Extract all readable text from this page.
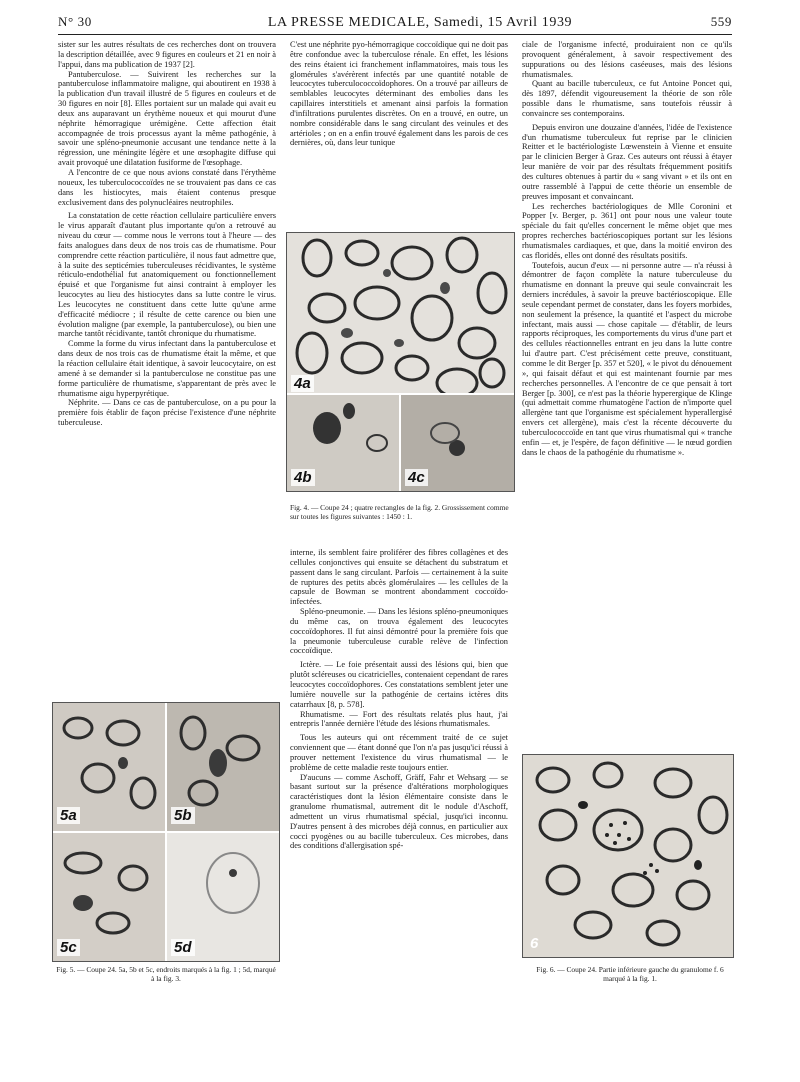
N° 30	LA PRESSE MEDICALE, Samedi, 15 Avril 1939	559

sister sur les autres résultats de ces recherches dont on trouvera la description détaillée, avec 9 figures en couleurs et 21 en noir à l'appui, dans ma publication de 1937 [2].

Pantuberculose. — Suivirent les recherches sur la pantuberculose inflammatoire maligne, qui aboutirent en 1938 à la publication d'un travail illustré de 5 figures en couleurs et de 30 figures en noir [8]. Elles portaient sur un malade qui avait eu deux ans auparavant un érythème noueux et qui mourut d'une néphrite hémorragique urémigène. Cette affection était accompagnée de trois processus ayant la même pathogénie, à savoir une spléno-pneumonie accusant une tendance nette à la régression, une méningite légère et une œsophagite diffuse qui avait provoqué une dilatation fusiforme de l'œsophage.

A l'encontre de ce que nous avions constaté dans l'érythème noueux, les tuberculococcoïdes ne se trouvaient pas dans ce cas dans les histiocytes, mais étaient contenus presque exclusivement dans des polynucléaires neutrophiles.

La constatation de cette réaction cellulaire particulière envers le virus apparaît d'autant plus importante qu'on a retrouvé au niveau du cœur — comme nous le verrons tout à l'heure — des faits analogues dans deux de nos trois cas de rhumatisme. Pour comprendre cette réaction particulière, il nous faut admettre que, à la suite des septicémies tuberculeuses récidivantes, le système réticulo-endothélial fut anatomiquement ou fonctionnellement épuisé et que l'organisme fut ainsi contraint à employer les leucocytes au lieu des histiocytes dans sa lutte contre le virus. Les leucocytes ne constituent dans cette lutte qu'une arme d'efficacité médiocre ; il résulte de cette carence ou bien une évolution maligne (par exemple, la pantuberculose), ou bien une marche tantôt récidivante, tantôt chronique du rhumatisme.

Comme la forme du virus infectant dans la pantuberculose et dans deux de nos trois cas de rhumatisme était la même, et que la réaction cellulaire était identique, à savoir leucocytaire, on est amené à se demander si la pantuberculose ne constitue pas une forme particulière de rhumatisme, s'apparentant de près avec le rhumatisme aigu hyperpyrétique.

Néphrite. — Dans ce cas de pantuberculose, on a pu pour la première fois établir de façon précise l'existence d'une néphrite tuberculeuse.

C'est une néphrite pyo-hémorragique coccoïdique qui ne doit pas être confondue avec la tuberculose rénale. En effet, les lésions des reins étaient ici franchement inflammatoires, mais tous les glomérules s'avérèrent infectés par une quantité notable de leucocytes tuberculococcoïdophores. On a trouvé par ailleurs de semblables leucocytes déterminant des embolies dans les capillaires interstitiels et amenant ainsi parfois la formation d'infiltrations purulentes discrètes. On en a trouvé, en outre, un nombre considérable dans le sang circulant des veinules et des artérioles ; on en a enfin trouvé également dans les parois de ces dernières, où, dans leur tunique

4a
4b	4c
Fig. 4. — Coupe 24 ; quatre rectangles de la fig. 2. Grossissement comme sur toutes les figures suivantes : 1450 : 1.

interne, ils semblent faire proliférer des fibres collagènes et des cellules conjonctives qui ensuite se détachent du substratum et passent dans le sang circulant. Parfois — certainement à la suite de ruptures des petits abcès glomérulaires — les cellules de la capsule de Bowman se montrent abondamment coccoïdo-infectées.

Spléno-pneumonie. — Dans les lésions spléno-pneumoniques du même cas, on trouva également des leucocytes coccoïdophores. Il fut ainsi démontré pour la première fois que la pneumonie tuberculeuse curable relève de l'infection coccoïdique.

Ictère. — Le foie présentait aussi des lésions qui, bien que plutôt scléreuses ou cicatricielles, contenaient cependant de rares leucocytes coccoïdophores. Ces constatations semblent jeter une lumière nouvelle sur la pathogénie de certains ictères dits catarrhaux [8, p. 578].

Rhumatisme. — Fort des résultats relatés plus haut, j'ai entrepris l'année dernière l'étude des lésions rhumatismales.

Tous les auteurs qui ont récemment traité de ce sujet conviennent que — étant donné que l'on n'a pas jusqu'ici réussi à prouver nettement l'existence du virus rhumatismal — le problème de cette maladie reste toujours entier.

D'aucuns — comme Aschoff, Gräff, Fahr et Wehsarg — se basant surtout sur la présence d'altérations morphologiques caractéristiques dont la lésion élémentaire consiste dans le granulome rhumatismal, autrement dit le nodule d'Aschoff, admettent un virus rhumatismal spécial, jusqu'ici inconnu. D'autres pensent à des microbes déjà connus, en particulier aux cocci pyogènes ou au bacille tuberculeux. Ces microbes, dans des conditions d'allergisation spé-

5a	5b
5c	5d
Fig. 5. — Coupe 24. 5a, 5b et 5c, endroits marqués à la fig. 1 ; 5d, marqué à la fig. 3.

ciale de l'organisme infecté, produiraient non ce qu'ils provoquent généralement, à savoir respectivement des suppurations ou des lésions caséeuses, mais des lésions rhumatismales.

Quant au bacille tuberculeux, ce fut Antoine Poncet qui, dès 1897, défendit vigoureusement la théorie de son rôle possible dans le rhumatisme, sans toutefois réussir à convaincre ses contemporains.

Depuis environ une douzaine d'années, l'idée de l'existence d'un rhumatisme tuberculeux fut reprise par le clinicien Reitter et le bactériologiste Lœwenstein à Vienne et ensuite par le clinicien Berger à Graz. Ces auteurs ont réussi à étayer leur manière de voir par des résultats fréquemment positifs des cultures obtenues à partir du « sang vivant » et ils ont en outre rassemblé à l'appui de cette théorie un ensemble de preuves imposant et convaincant.

Les recherches bactériologiques de Mlle Coronini et Popper [v. Berger, p. 361] ont pour nous une valeur toute spéciale du fait qu'elles concernent le même objet que mes propres recherches bactérioscopiques portant sur les lésions rhumatismales cardiaques, et que, dans la moitié environ des cas floridés, elles ont donné des résultats positifs.

Toutefois, aucun d'eux — ni personne autre — n'a réussi à démontrer de façon complète la nature tuberculeuse du rhumatisme en donnant la preuve qui seule convaincrait les derniers incrédules, à savoir la preuve bactérioscopique. Elle seule cependant permet de constater, dans les foyers morbides, non seulement la présence, la quantité et l'aspect du microbe infectant, mais aussi — chose capitale — d'établir, de leurs rapports réciproques, les comportements du virus d'une part et des cellules réactionnelles entrant en jeu dans la lutte contre lui d'autre part. C'est précisément cette preuve, constituant, comme le dit Berger [p. 357 et 520], « le pivot du dénouement », qui faisait défaut et qui est maintenant fournie par mes recherches personnelles. A l'encontre de ce que pensait à tort Berger [p. 300], ce n'est pas la théorie hyperergique de Klinge (qui admettait comme rhumatogène l'action de n'importe quel allergène tant que l'organisme est spécialement hyperallergisé envers cet allergène), mais c'est la récente découverte du tuberculococcoïde en tant que virus rhumatismal qui « tranche enfin — et, je l'espère, de façon définitive — le nœud gordien dans le chaos de la pathogénie du rhumatisme ».

6
Fig. 6. — Coupe 24. Partie inférieure gauche du granulome f. 6 marqué à la fig. 1.
